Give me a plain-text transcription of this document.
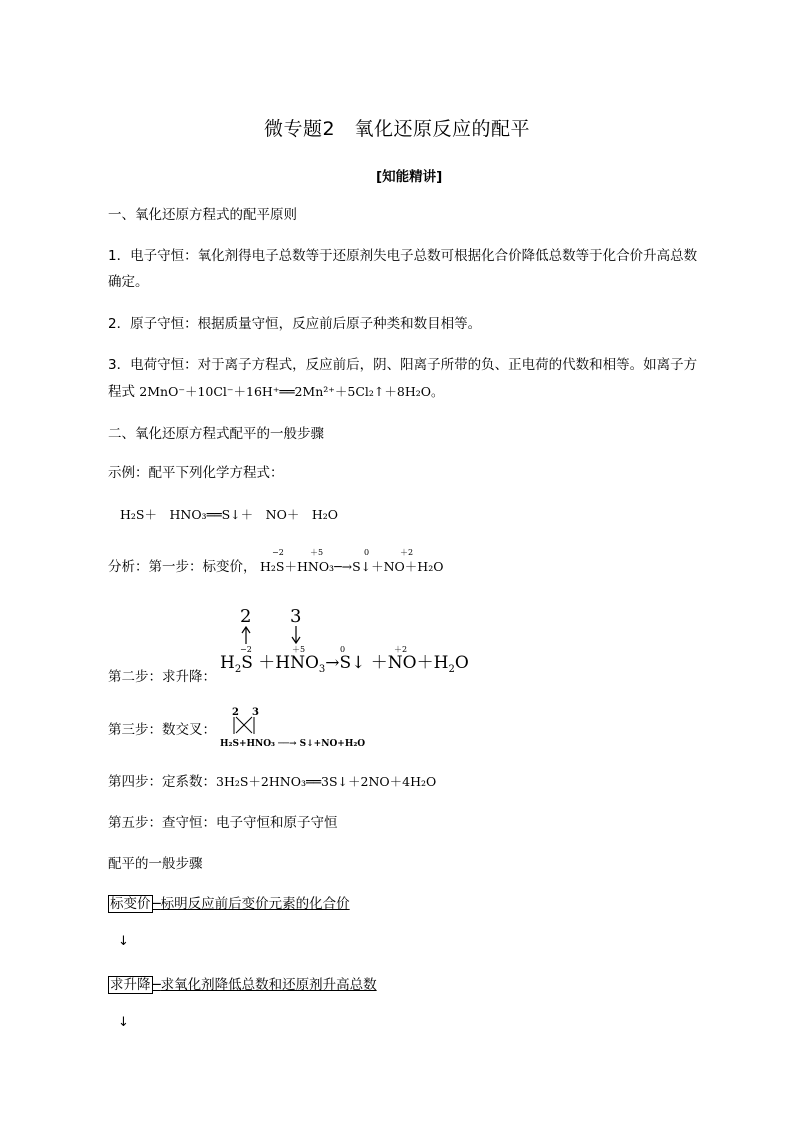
微专题2　氧化还原反应的配平
[知能精讲]
一、氧化还原方程式的配平原则
1．电子守恒：氧化剂得电子总数等于还原剂失电子总数可根据化合价降低总数等于化合价升高总数
确定。
2．原子守恒：根据质量守恒，反应前后原子种类和数目相等。
3．电荷守恒：对于离子方程式，反应前后，阴、阳离子所带的负、正电荷的代数和相等。如离子方
程式 2MnO⁻＋10Cl⁻＋16H⁺══2Mn²⁺＋5Cl₂↑＋8H₂O。
二、氧化还原方程式配平的一般步骤
示例：配平下列化学方程式：
H₂S＋　HNO₃══S↓＋　NO＋　H₂O
分析：第一步：标变价，
−2	＋5	0	＋2
H₂S＋HNO₃─→S↓＋NO＋H₂O
第二步：求升降：
2 3
−2	＋5	0	＋2
$H_2S$ $+HNO_3\to S↓ +NO+H_2O$
第三步：数交叉：
2 3
H₂S+HNO₃ ──→ S↓+NO+H₂O
第四步：定系数：3H₂S＋2HNO₃══3S↓＋2NO＋4H₂O
第五步：查守恒：电子守恒和原子守恒
配平的一般步骤
标变价 ─标明反应前后变价元素的化合价
↓
求升降 ─求氧化剂降低总数和还原剂升高总数
↓
